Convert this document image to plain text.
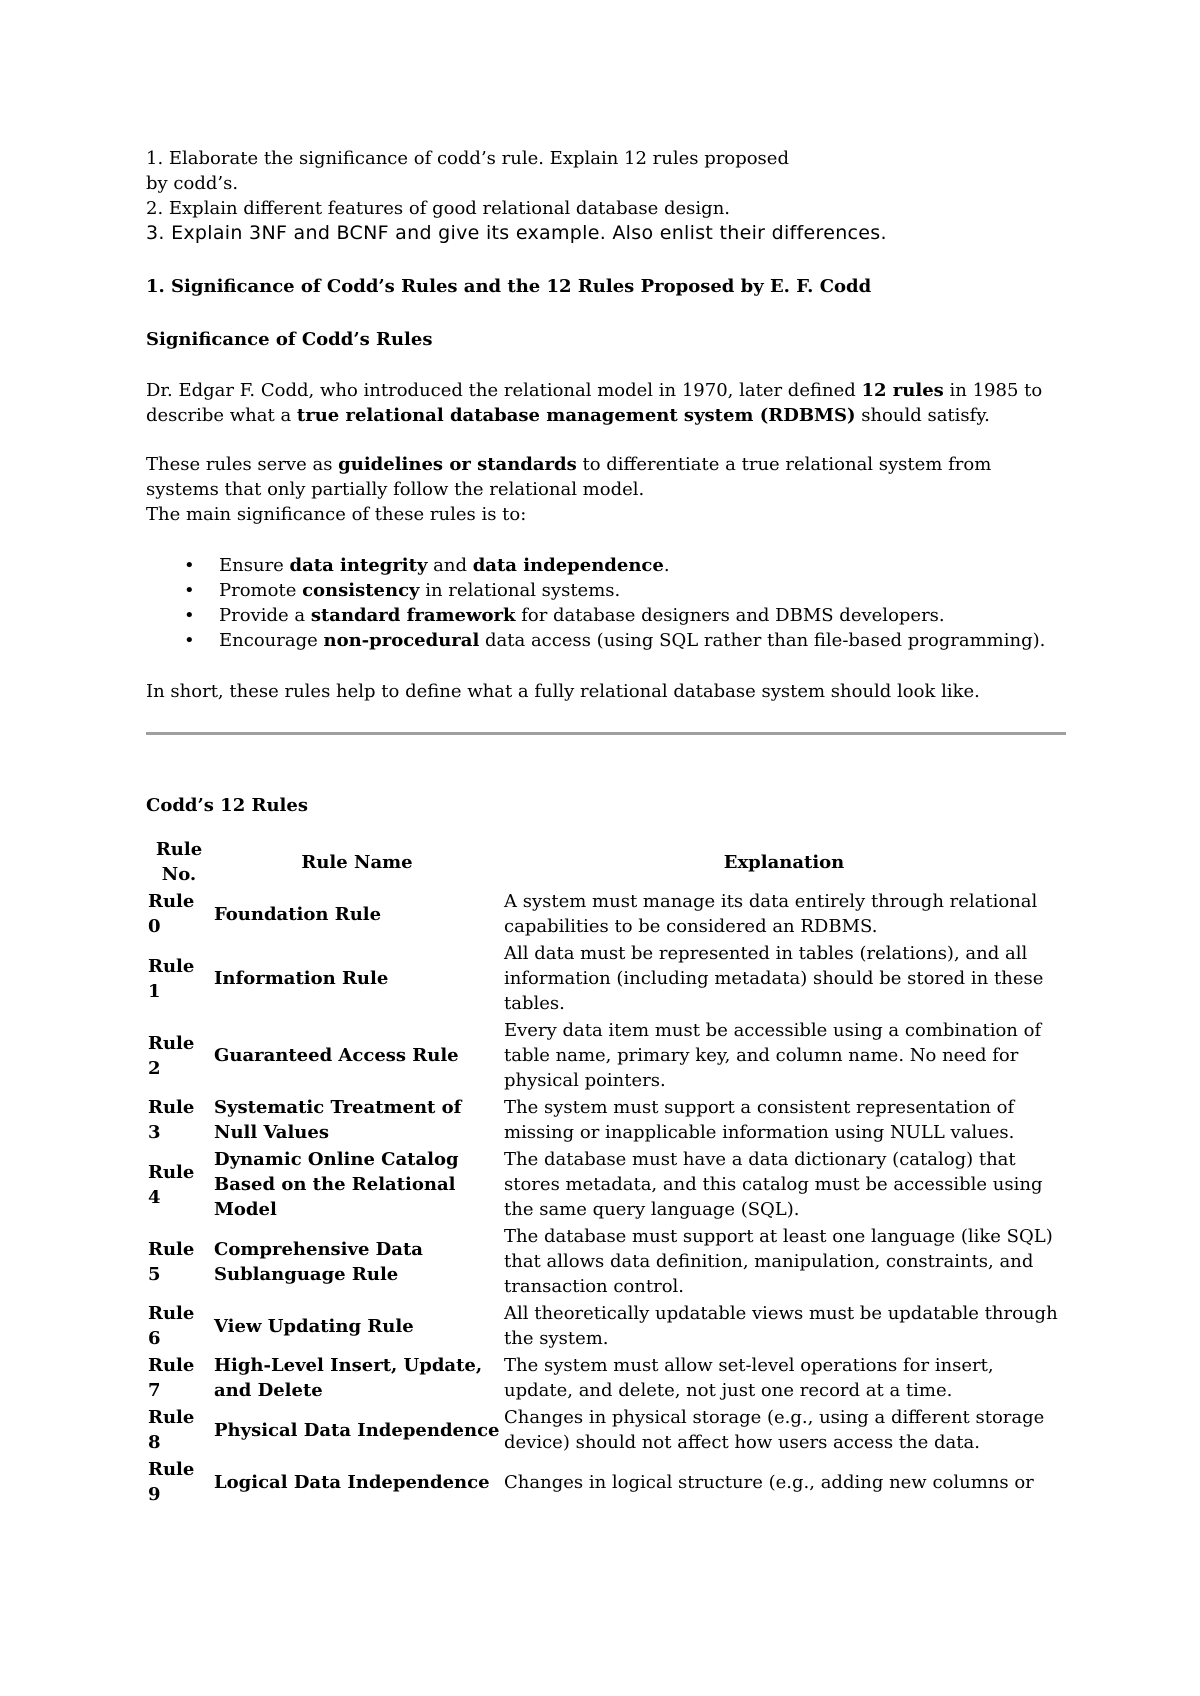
1. Elaborate the significance of codd’s rule. Explain 12 rules proposed

by codd’s.

2. Explain different features of good relational database design.

3. Explain 3NF and BCNF and give its example. Also enlist their differences.

1. Significance of Codd’s Rules and the 12 Rules Proposed by E. F. Codd

Significance of Codd’s Rules

Dr. Edgar F. Codd, who introduced the relational model in 1970, later defined 12 rules in 1985 to describe what a true relational database management system (RDBMS) should satisfy.

These rules serve as guidelines or standards to differentiate a true relational system from systems that only partially follow the relational model.

The main significance of these rules is to:

• Ensure data integrity and data independence.
• Promote consistency in relational systems.
• Provide a standard framework for database designers and DBMS developers.
• Encourage non-procedural data access (using SQL rather than file-based programming).

In short, these rules help to define what a fully relational database system should look like.

Codd’s 12 Rules

Rule No.	Rule Name	Explanation
Rule 0	Foundation Rule	A system must manage its data entirely through relational capabilities to be considered an RDBMS.
Rule 1	Information Rule	All data must be represented in tables (relations), and all information (including metadata) should be stored in these tables.
Rule 2	Guaranteed Access Rule	Every data item must be accessible using a combination of table name, primary key, and column name. No need for physical pointers.
Rule 3	Systematic Treatment of Null Values	The system must support a consistent representation of missing or inapplicable information using NULL values.
Rule 4	Dynamic Online Catalog Based on the Relational Model	The database must have a data dictionary (catalog) that stores metadata, and this catalog must be accessible using the same query language (SQL).
Rule 5	Comprehensive Data Sublanguage Rule	The database must support at least one language (like SQL) that allows data definition, manipulation, constraints, and transaction control.
Rule 6	View Updating Rule	All theoretically updatable views must be updatable through the system.
Rule 7	High-Level Insert, Update, and Delete	The system must allow set-level operations for insert, update, and delete, not just one record at a time.
Rule 8	Physical Data Independence	Changes in physical storage (e.g., using a different storage device) should not affect how users access the data.
Rule 9	Logical Data Independence	Changes in logical structure (e.g., adding new columns or
